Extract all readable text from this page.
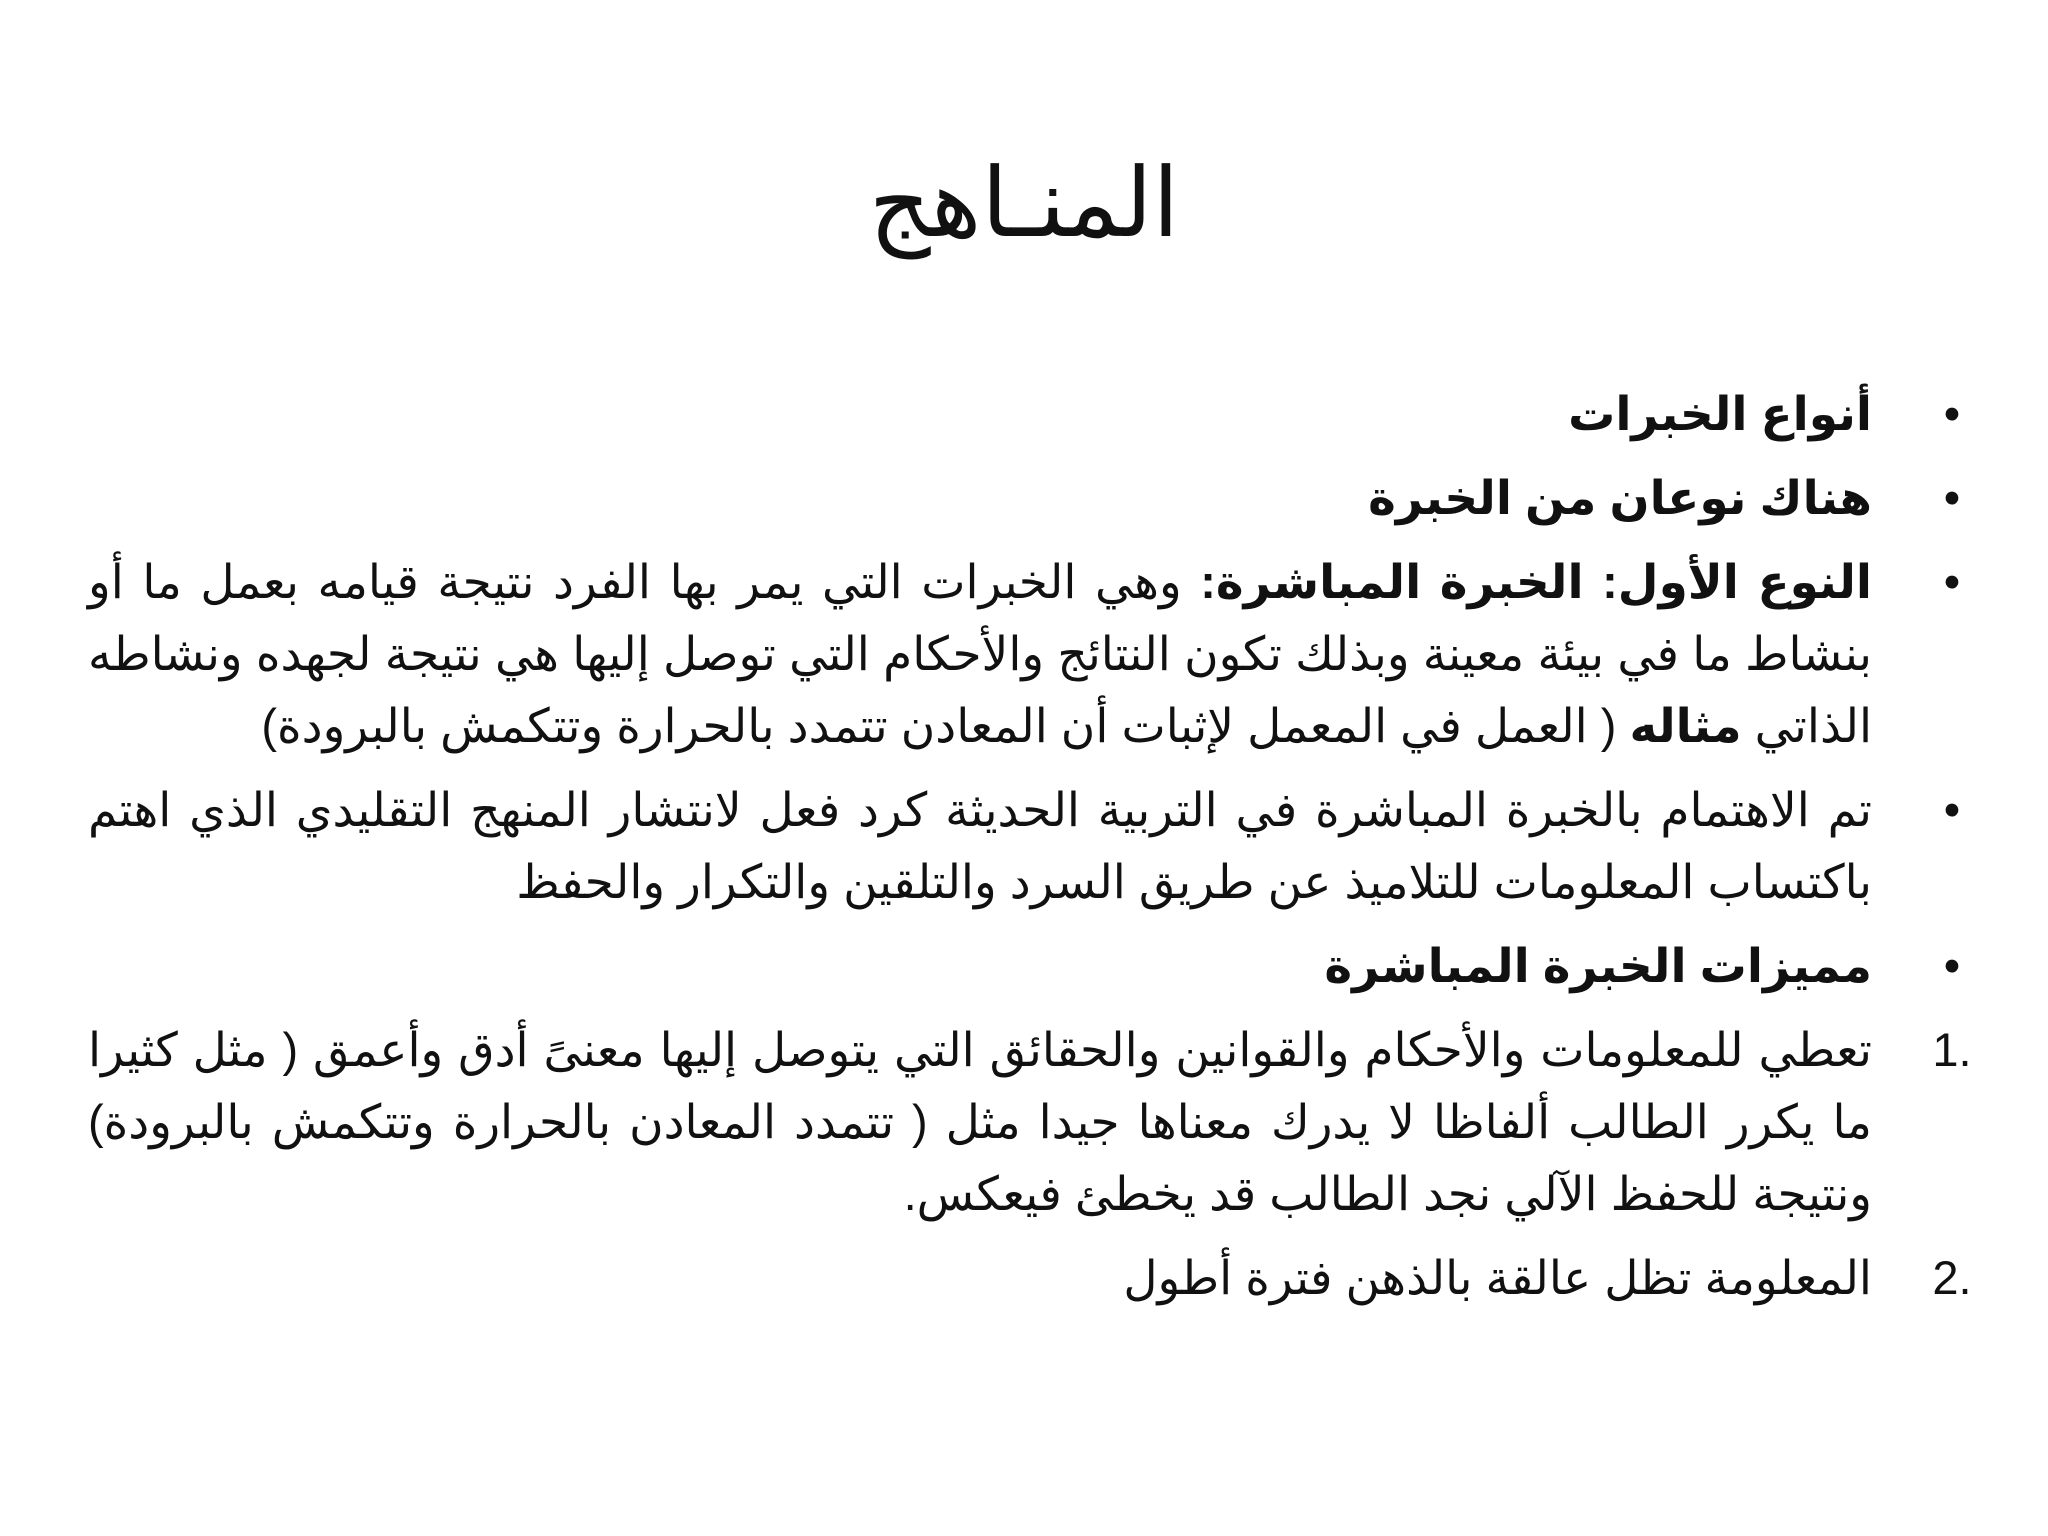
المنـاهج
•
أنواع الخبرات
•
هناك نوعان من الخبرة
•
النوع الأول: الخبرة المباشرة: وهي الخبرات التي يمر بها الفرد نتيجة قيامه بعمل ما أو بنشاط ما في بيئة معينة وبذلك تكون النتائج والأحكام التي توصل إليها هي نتيجة لجهده ونشاطه الذاتي مثاله ( العمل في المعمل لإثبات أن المعادن تتمدد بالحرارة وتتكمش بالبرودة)
•
تم الاهتمام بالخبرة المباشرة في التربية الحديثة كرد فعل لانتشار المنهج التقليدي الذي اهتم باكتساب المعلومات للتلاميذ عن طريق السرد والتلقين والتكرار والحفظ
•
مميزات الخبرة المباشرة
1.
تعطي للمعلومات والأحكام والقوانين والحقائق التي يتوصل إليها معنىً أدق وأعمق ( مثل كثيرا ما يكرر الطالب ألفاظا لا يدرك معناها جيدا مثل ( تتمدد المعادن بالحرارة وتتكمش بالبرودة) ونتيجة للحفظ الآلي نجد الطالب قد يخطئ فيعكس.
2.
المعلومة تظل عالقة بالذهن فترة أطول
